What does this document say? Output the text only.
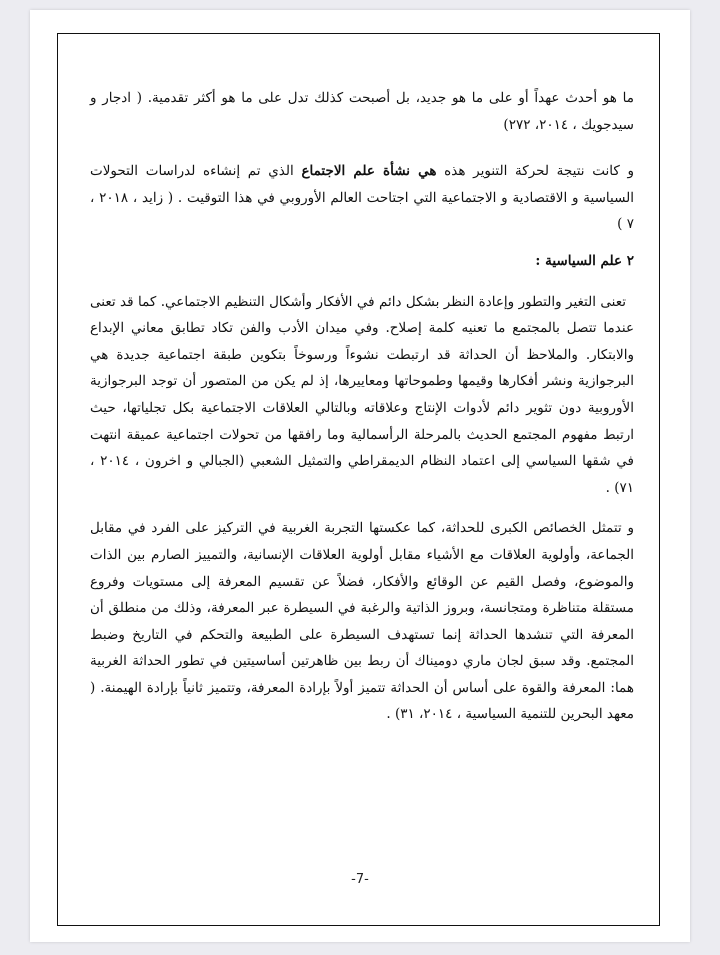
ما هو أحدث عهداً أو على ما هو جديد، بل أصبحت كذلك تدل على ما هو أكثر تقدمية. ( ادجار و سيدجويك ، ٢٠١٤، ٢٧٢)

و كانت نتيجة لحركة التنوير هذه هي نشأة علم الاجتماع الذي تم إنشاءه لدراسات التحولات السياسية و الاقتصادية و الاجتماعية التي اجتاحت العالم الأوروبي في هذا التوقيت . ( زايد ، ٢٠١٨ ، ٧ )

٢ علم السياسية :

تعنى التغير والتطور وإعادة النظر بشكل دائم في الأفكار وأشكال التنظيم الاجتماعي. كما قد تعنى عندما تتصل بالمجتمع ما تعنيه كلمة إصلاح. وفي ميدان الأدب والفن تكاد تطابق معاني الإبداع والابتكار. والملاحظ أن الحداثة قد ارتبطت نشوءاً ورسوخاً بتكوين طبقة اجتماعية جديدة هي البرجوازية ونشر أفكارها وقيمها وطموحاتها ومعاييرها، إذ لم يكن من المتصور أن توجد البرجوازية الأوروبية دون تثوير دائم لأدوات الإنتاج وعلاقاته وبالتالي العلاقات الاجتماعية بكل تجلياتها، حيث ارتبط مفهوم المجتمع الحديث بالمرحلة الرأسمالية وما رافقها من تحولات اجتماعية عميقة انتهت في شقها السياسي إلى اعتماد النظام الديمقراطي والتمثيل الشعبي (الجبالي و اخرون ، ٢٠١٤ ، ٧١) .

و تتمثل الخصائص الكبرى للحداثة، كما عكستها التجربة الغربية في التركيز على الفرد في مقابل الجماعة، وأولوية العلاقات مع الأشياء مقابل أولوية العلاقات الإنسانية، والتمييز الصارم بين الذات والموضوع، وفصل القيم عن الوقائع والأفكار، فضلاً عن تقسيم المعرفة إلى مستويات وفروع مستقلة متناظرة ومتجانسة، وبروز الذاتية والرغبة في السيطرة عبر المعرفة، وذلك من منطلق أن المعرفة التي تنشدها الحداثة إنما تستهدف السيطرة على الطبيعة والتحكم في التاريخ وضبط المجتمع. وقد سبق لجان ماري دوميناك أن ربط بين ظاهرتين أساسيتين في تطور الحداثة الغربية هما: المعرفة والقوة على أساس أن الحداثة تتميز أولاً بإرادة المعرفة، وتتميز ثانياً بإرادة الهيمنة. ( معهد البحرين للتنمية السياسية ، ٢٠١٤، ٣١) .

-7-
